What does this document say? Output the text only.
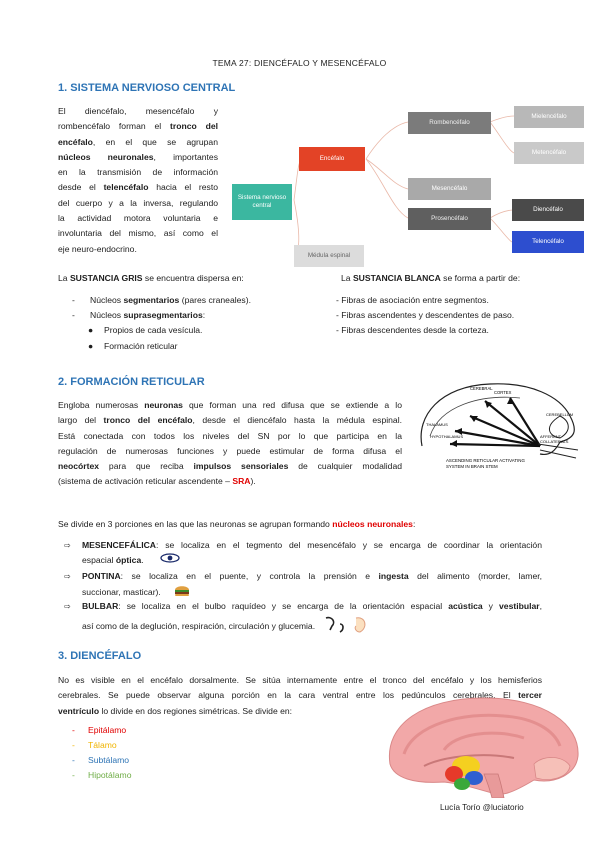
TEMA 27: DIENCÉFALO Y MESENCÉFALO
1. SISTEMA NERVIOSO CENTRAL
El   diencéfalo,   mesencéfalo   y
rombencéfalo forman el tronco del
encéfalo, en el que se agrupan
núcleos neuronales, importantes
en la transmisión de información
desde el telencéfalo hacia el resto
del cuerpo y a la inversa, regulando
la actividad motora voluntaria e
involuntaria del mismo, así como el
eje neuro-endocrino.
Sistema nervioso central
Encéfalo
Médula espinal
Rombencéfalo
Mesencéfalo
Prosencéfalo
Mielencéfalo
Metencéfalo
Diencéfalo
Telencéfalo
La SUSTANCIA GRIS se encuentra dispersa en:	La SUSTANCIA BLANCA se forma a partir de:
- Núcleos segmentarios (pares craneales).
- Núcleos suprasegmentarios:
● Propios de cada vesícula.
● Formación reticular
- Fibras de asociación entre segmentos.
- Fibras ascendentes y descendentes de paso.
- Fibras descendentes desde la corteza.
2. FORMACIÓN RETICULAR
Engloba numerosas neuronas que forman una red difusa que se extiende a lo
largo del tronco del encéfalo, desde el diencéfalo hasta la médula espinal.
Está conectada con todos los niveles del SN por lo que participa en la
regulación de numerosas funciones y puede estimular de forma difusa el
neocórtex para que reciba impulsos sensoriales de cualquier modalidad
(sistema de activación reticular ascendente – SRA).
CEREBRAL
CORTEX
CEREBELLUM
AFFERENT
COLLATERALS
THALAMUS
HYPOTHALAMUS
ASCENDING RETICULAR ACTIVATING
SYSTEM IN BRAIN STEM
Se divide en 3 porciones en las que las neuronas se agrupan formando núcleos neuronales:
⇨ MESENCEFÁLICA: se localiza en el tegmento del mesencéfalo y se encarga de coordinar la orientación
espacial óptica.
⇨ PONTINA: se localiza en el puente, y controla la prensión e ingesta del alimento (morder, lamer,
succionar, masticar).
⇨ BULBAR: se localiza en el bulbo raquídeo y se encarga de la orientación espacial acústica y vestibular,
así como de la deglución, respiración, circulación y glucemia.
3. DIENCÉFALO
No es visible en el encéfalo dorsalmente. Se sitúa internamente entre el tronco del encéfalo y los hemisferios
cerebrales. Se puede observar alguna porción en la cara ventral entre los pedúnculos cerebrales. El tercer
ventrículo lo divide en dos regiones simétricas. Se divide en:
- Epitálamo
- Tálamo
- Subtálamo
- Hipotálamo
Lucía Torío @luciatorio
